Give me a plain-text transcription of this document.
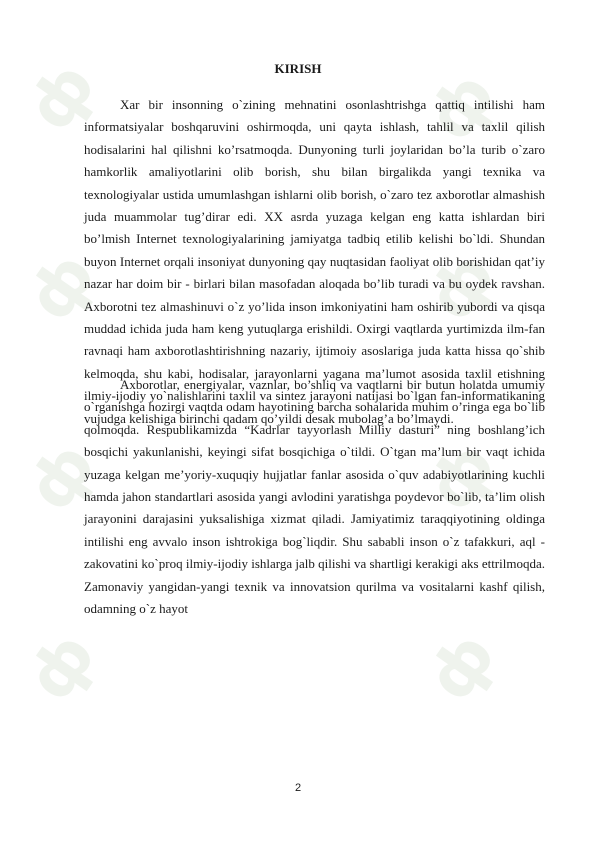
ф	ф
ф	ф
ф	ф
ф	ф
KIRISH

Xar bir insonning o`zining mehnatini osonlashtrishga qattiq intilishi ham informatsiyalar boshqaruvini oshirmoqda, uni qayta ishlash, tahlil va taxlil qilish hodisalarini hal qilishni ko’rsatmoqda. Dunyoning turli joylaridan bo’la turib o`zaro hamkorlik amaliyotlarini olib borish, shu bilan birgalikda yangi texnika va texnologiyalar ustida umumlashgan ishlarni olib borish, o`zaro tez axborotlar almashish juda muammolar tug’dirar edi. XX asrda yuzaga kelgan eng katta ishlardan biri bo’lmish Internet texnologiyalarining jamiyatga tadbiq etilib kelishi bo`ldi. Shundan buyon Internet orqali insoniyat dunyoning qay nuqtasidan faoliyat olib borishidan qat’iy nazar har doim bir - birlari bilan masofadan aloqada bo’lib turadi va bu oydek ravshan. Axborotni tez almashinuvi o`z yo’lida inson imkoniyatini ham oshirib yubordi va qisqa muddad ichida juda ham keng yutuqlarga erishildi. Oxirgi vaqtlarda yurtimizda ilm-fan ravnaqi ham axborotlashtirishning nazariy, ijtimoiy asoslariga juda katta hissa qo`shib kelmoqda, shu kabi, hodisalar, jarayonlarni yagana ma’lumot asosida taxlil etishning ilmiy-ijodiy yo`nalishlarini taxlil va sintez jarayoni natijasi bo`lgan fan-informatikaning vujudga kelishiga birinchi qadam qo’yildi desak mubolag’a bo’lmaydi.

Axborotlar, energiyalar, vaznlar, bo’shliq va vaqtlarni bir butun holatda umumiy o`rganishga hozirgi vaqtda odam hayotining barcha sohalarida muhim o’ringa ega bo`lib qolmoqda. Respublikamizda “Kadrlar tayyorlash Milliy dasturi” ning boshlang’ich bosqichi yakunlanishi, keyingi sifat bosqichiga o`tildi. O`tgan ma’lum bir vaqt ichida yuzaga kelgan me’yoriy-xuquqiy hujjatlar fanlar asosida o`quv adabiyotlarining kuchli hamda jahon standartlari asosida yangi avlodini yaratishga poydevor bo`lib, ta’lim olish jarayonini darajasini yuksalishiga xizmat qiladi. Jamiyatimiz taraqqiyotining oldinga intilishi eng avvalo inson ishtrokiga bog`liqdir. Shu sababli inson o`z tafakkuri, aql - zakovatini ko`proq ilmiy-ijodiy ishlarga jalb qilishi va shartligi kerakigi aks ettrilmoqda. Zamonaviy yangidan-yangi texnik va innovatsion qurilma va vositalarni kashf qilish, odamning o`z hayot

2
